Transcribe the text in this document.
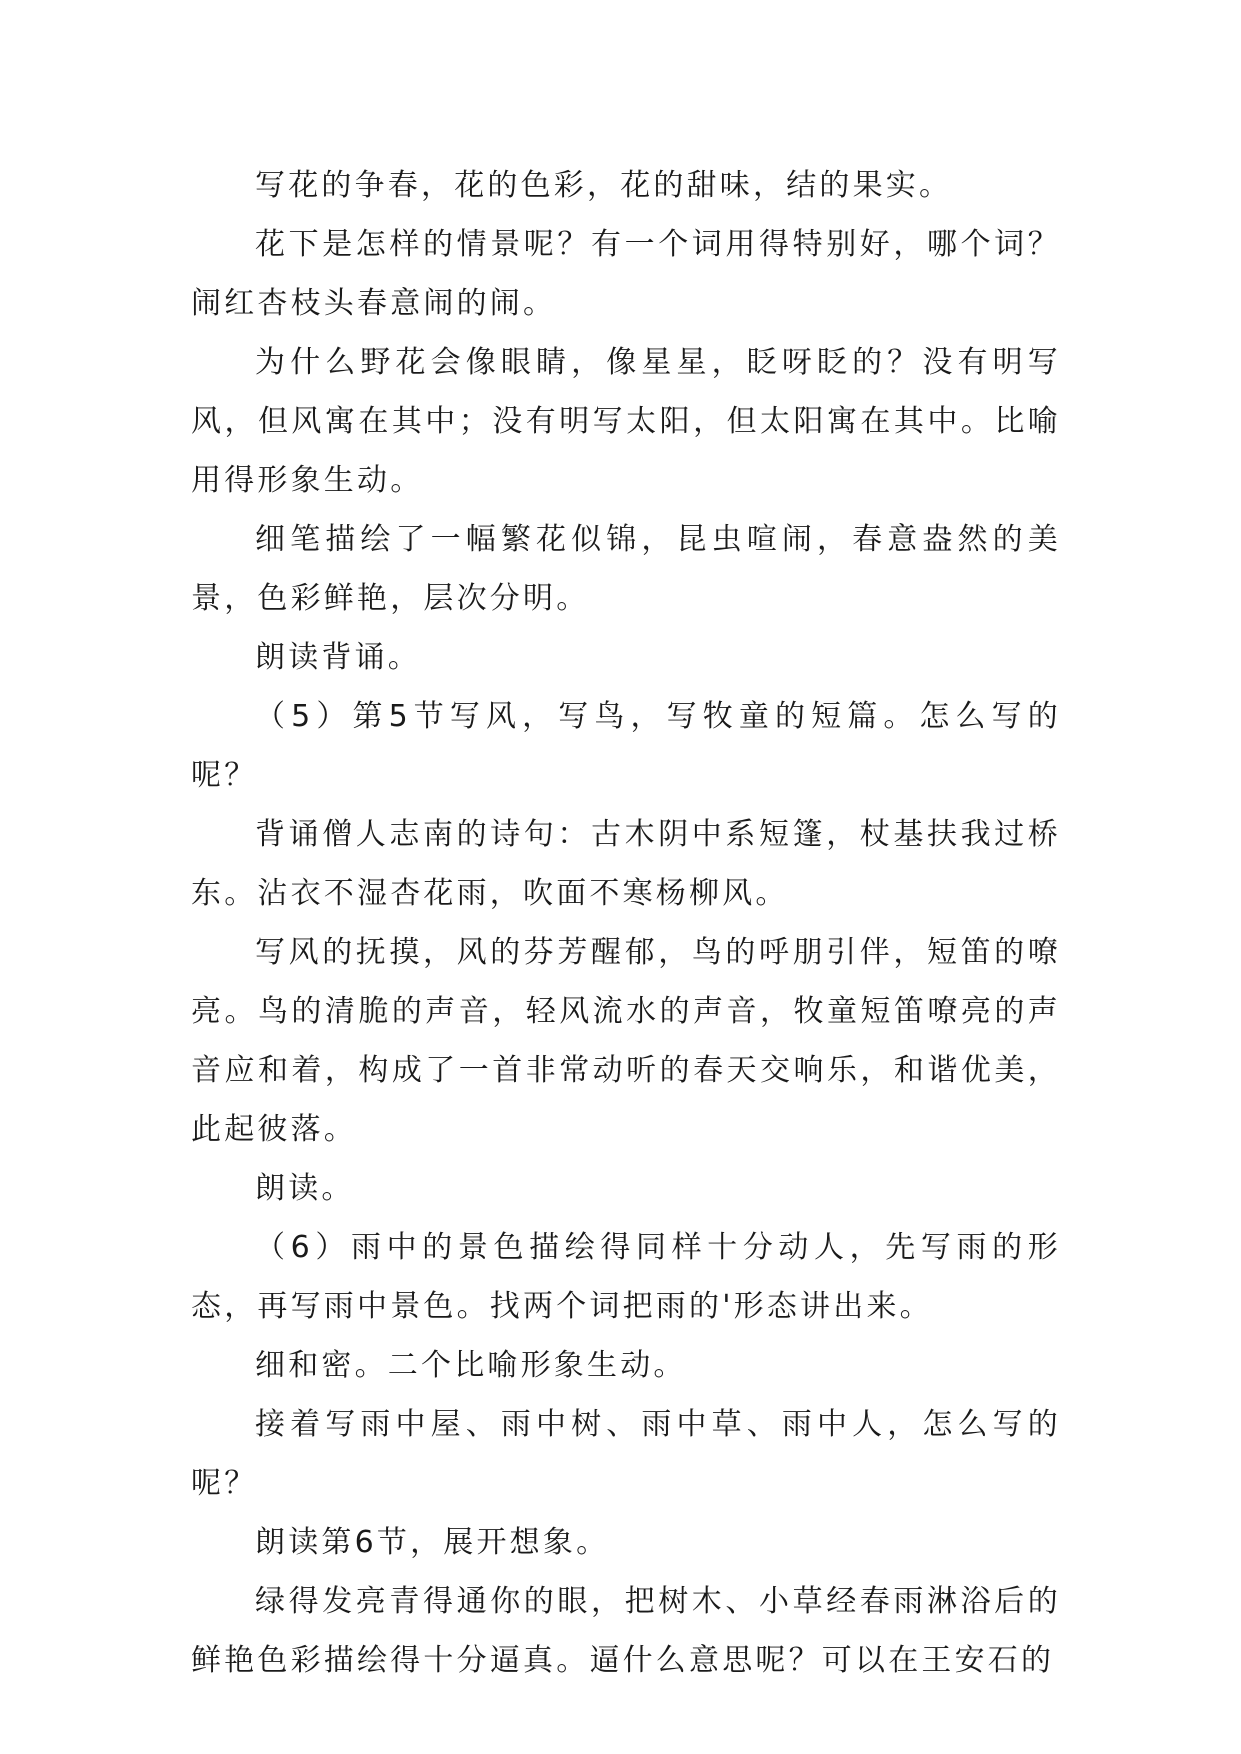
写花的争春，花的色彩，花的甜味，结的果实。

花下是怎样的情景呢？有一个词用得特别好，哪个词？闹红杏枝头春意闹的闹。

为什么野花会像眼睛，像星星，眨呀眨的？没有明写风，但风寓在其中；没有明写太阳，但太阳寓在其中。比喻用得形象生动。

细笔描绘了一幅繁花似锦，昆虫喧闹，春意盎然的美景，色彩鲜艳，层次分明。

朗读背诵。

（5）第5节写风，写鸟，写牧童的短篇。怎么写的呢？

背诵僧人志南的诗句：古木阴中系短篷，杖基扶我过桥东。沾衣不湿杏花雨，吹面不寒杨柳风。

写风的抚摸，风的芬芳醒郁，鸟的呼朋引伴，短笛的嘹亮。鸟的清脆的声音，轻风流水的声音，牧童短笛嘹亮的声音应和着，构成了一首非常动听的春天交响乐，和谐优美，此起彼落。

朗读。

（6）雨中的景色描绘得同样十分动人，先写雨的形态，再写雨中景色。找两个词把雨的'形态讲出来。

细和密。二个比喻形象生动。

接着写雨中屋、雨中树、雨中草、雨中人，怎么写的呢？

朗读第6节，展开想象。

绿得发亮青得通你的眼，把树木、小草经春雨淋浴后的鲜艳色彩描绘得十分逼真。逼什么意思呢？可以在王安石的
